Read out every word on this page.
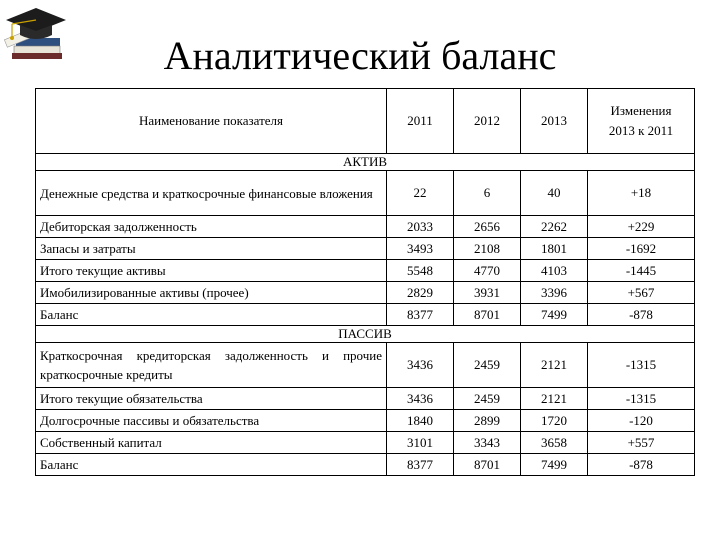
Аналитический баланс
Наименование показателя	2011	2012	2013	Изменения
2013 к 2011
АКТИВ				
Денежные средства и краткосрочные финансовые вложения	22	6	40	+18
Дебиторская задолженность	2033	2656	2262	+229
Запасы и затраты	3493	2108	1801	-1692
Итого текущие активы	5548	4770	4103	-1445
Имобилизированные активы (прочее)	2829	3931	3396	+567
Баланс	8377	8701	7499	-878
ПАССИВ				
Краткосрочная кредиторская задолженность и прочие краткосрочные кредиты	3436	2459	2121	-1315
Итого текущие обязательства	3436	2459	2121	-1315
Долгосрочные пассивы и обязательства	1840	2899	1720	-120
Собственный капитал	3101	3343	3658	+557
Баланс	8377	8701	7499	-878
